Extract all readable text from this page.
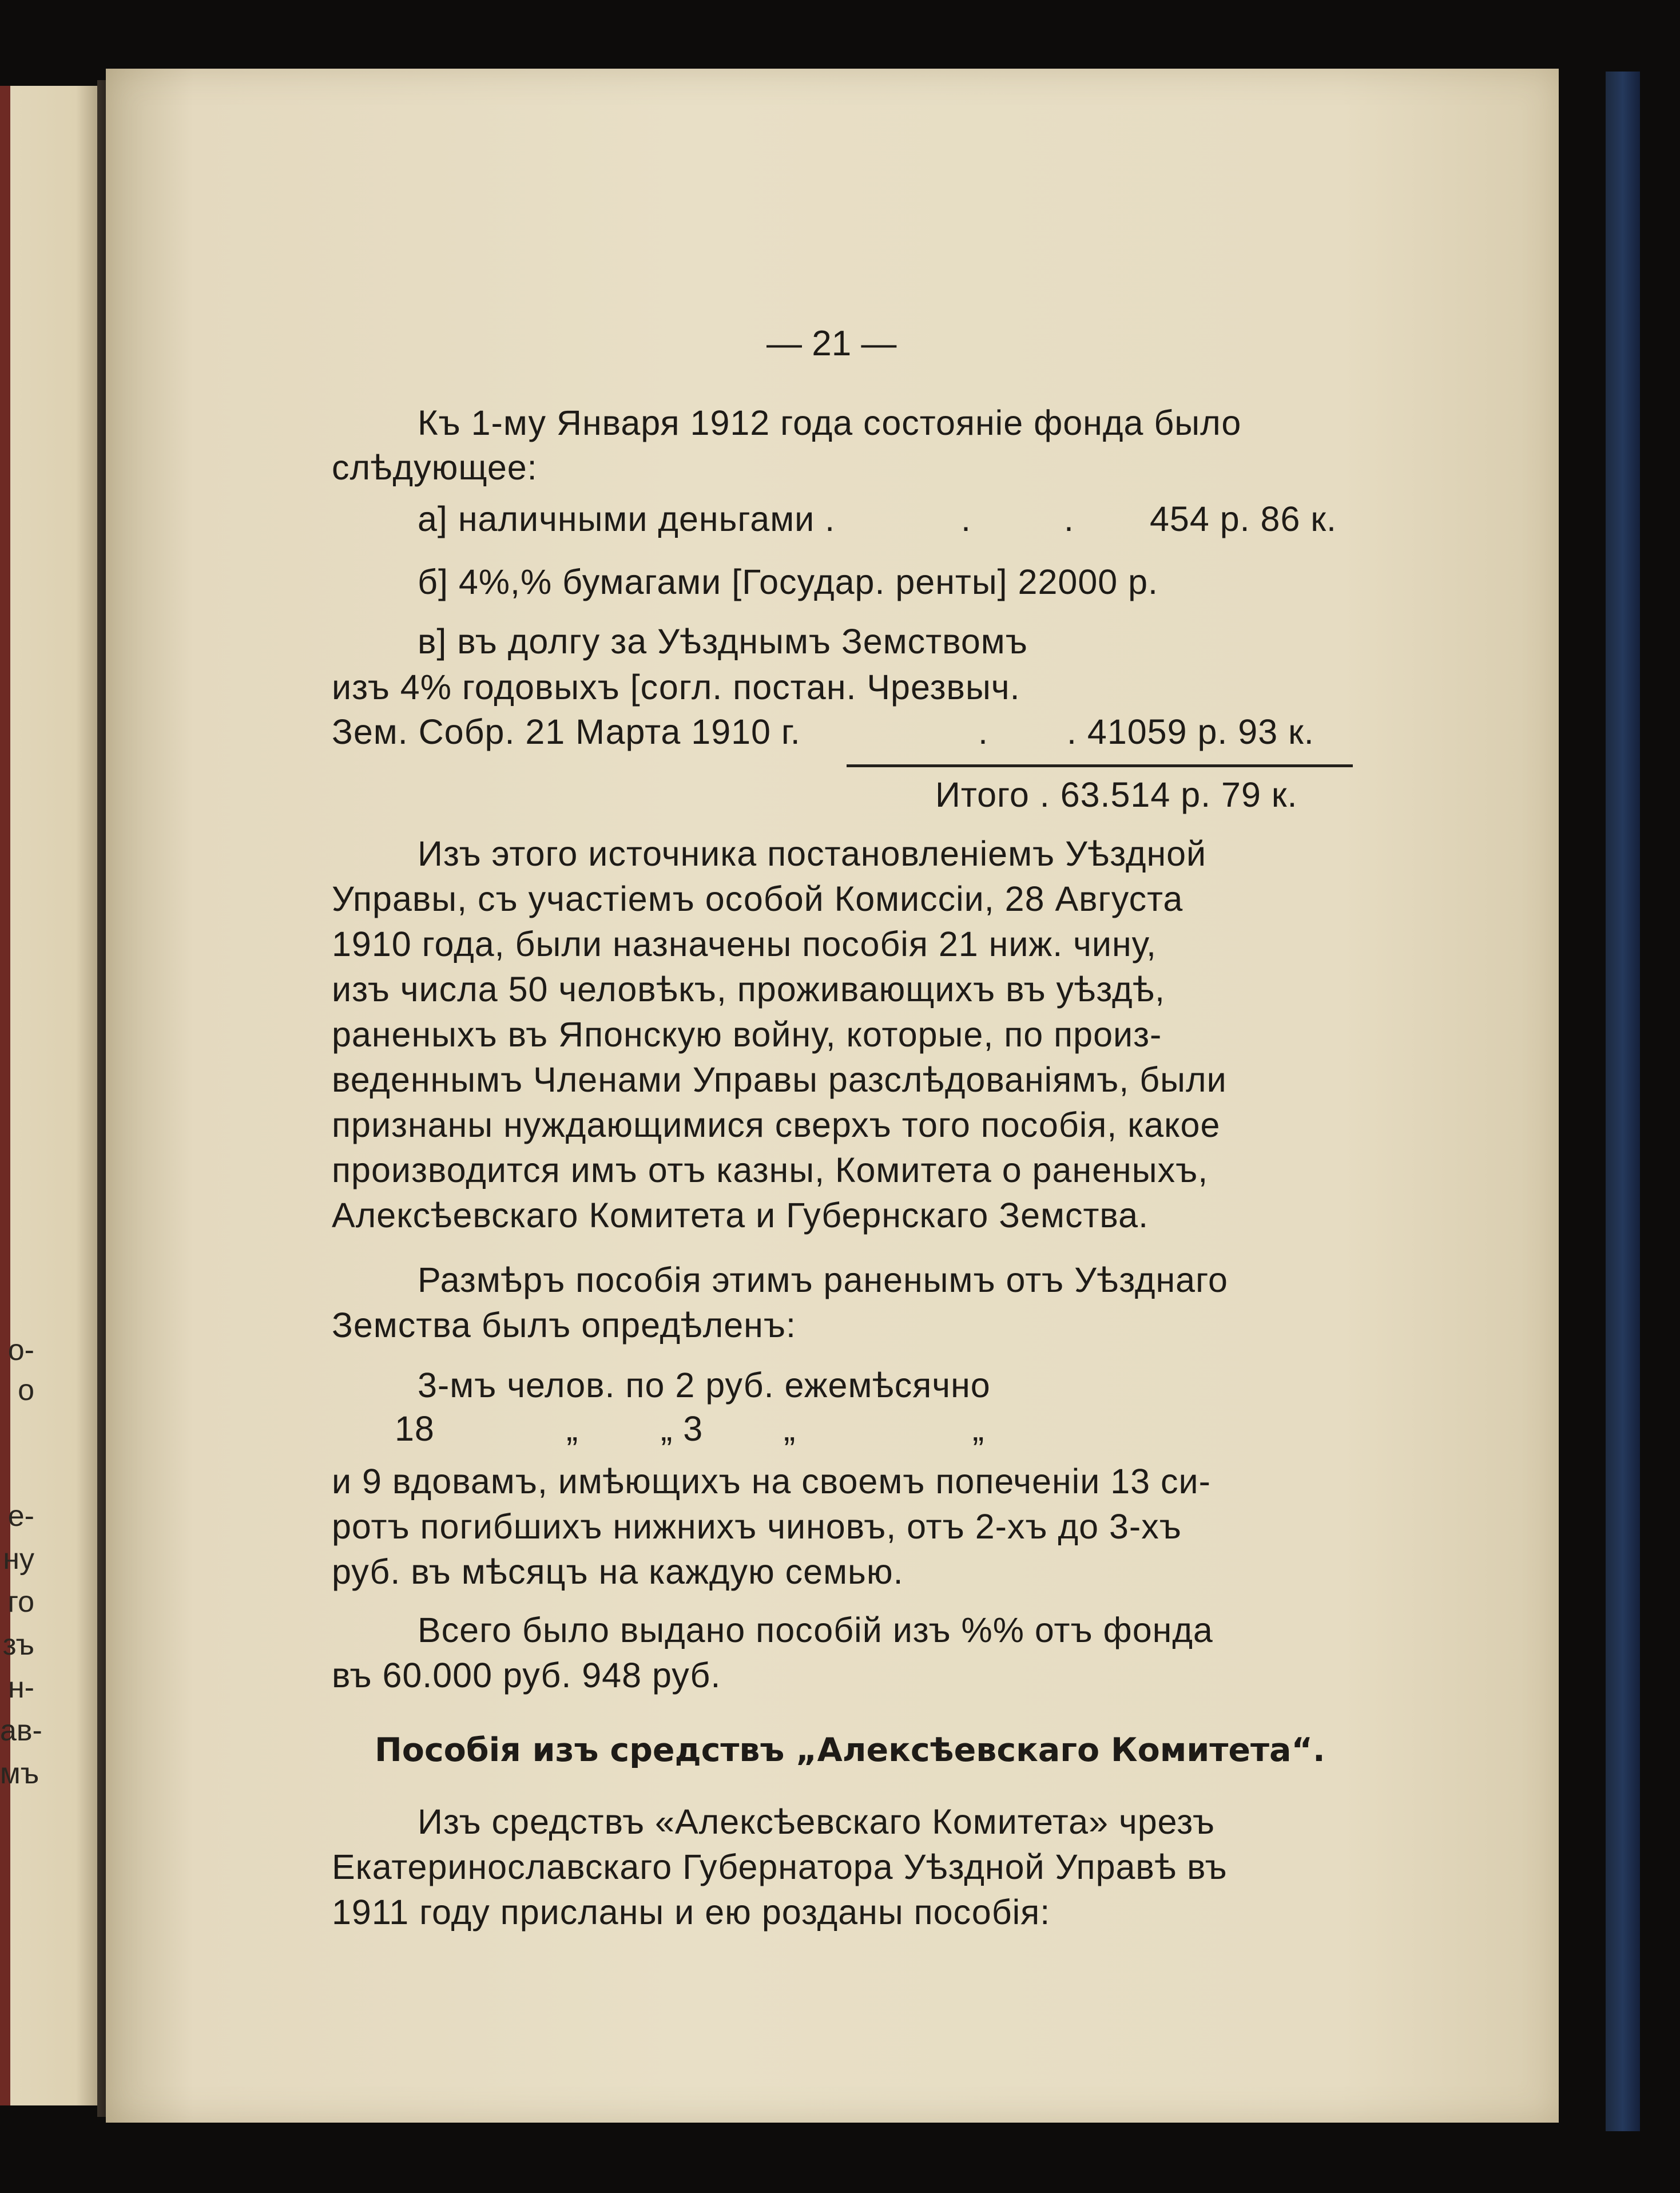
о-
о
е-
ну
го
зъ
н-
ав-
мъ
— 21 —
Къ 1-му Января 1912 года состоянiе фонда было
слѣдующее:
а] наличными деньгами .	.	. 454 р. 86 к.
б] 4%,% бумагами [Государ. ренты] 22000 р.
в] въ долгу за Уѣзднымъ Земствомъ
изъ 4% годовыхъ [согл. постан. Чрезвыч.
Зем. Собр. 21 Марта 1910 г.	. . 41059 р. 93 к.
Итого . 63.514 р. 79 к.
Изъ этого источника постановленiемъ Уѣздной
Управы, съ участiемъ особой Комиссiи, 28 Августа
1910 года, были назначены пособiя 21 ниж. чину,
изъ числа 50 человѣкъ, проживающихъ въ уѣздѣ,
раненыхъ въ Японскую войну, которые, по произ-
веденнымъ Членами Управы разслѣдованiямъ, были
признаны нуждающимися сверхъ того пособiя, какое
производится имъ отъ казны, Комитета о раненыхъ,
Алексѣевскаго Комитета и Губернскаго Земства.
Размѣръ пособiя этимъ раненымъ отъ Уѣзднаго
Земства былъ опредѣленъ:
3-мъ челов. по 2 руб. ежемѣсячно
18	„ „ 3 „	„
и 9 вдовамъ, имѣющихъ на своемъ попеченiи 13 си-
ротъ погибшихъ нижнихъ чиновъ, отъ 2-хъ до 3-хъ
руб. въ мѣсяцъ на каждую семью.
Всего было выдано пособiй изъ %% отъ фонда
въ 60.000 руб. 948 руб.
Пособiя изъ средствъ „Алексѣевскаго Комитета“.
Изъ средствъ «Алексѣевскаго Комитета» чрезъ
Екатеринославскаго Губернатора Уѣздной Управѣ въ
1911 году присланы и ею розданы пособiя:
